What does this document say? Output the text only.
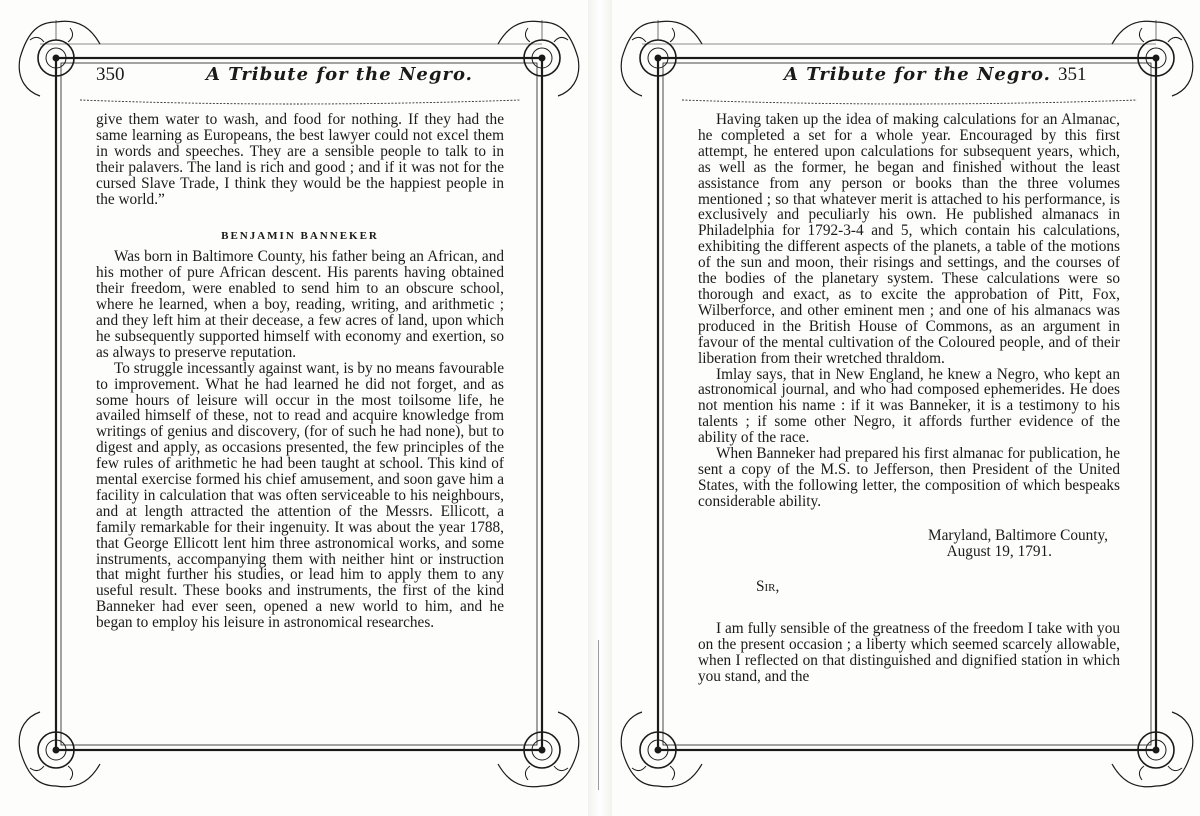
350	A Tribute for the Negro.

give them water to wash, and food for nothing. If they had the same learning as Europeans, the best lawyer could not excel them in words and speeches. They are a sensible people to talk to in their palavers. The land is rich and good ; and if it was not for the cursed Slave Trade, I think they would be the happiest people in the world.”

BENJAMIN BANNEKER

Was born in Baltimore County, his father being an African, and his mother of pure African descent. His parents having obtained their freedom, were enabled to send him to an obscure school, where he learned, when a boy, reading, writing, and arithmetic ; and they left him at their decease, a few acres of land, upon which he subsequently supported himself with economy and exertion, so as always to preserve reputation.

To struggle incessantly against want, is by no means favourable to improvement. What he had learned he did not forget, and as some hours of leisure will occur in the most toilsome life, he availed himself of these, not to read and acquire knowledge from writings of genius and discovery, (for of such he had none), but to digest and apply, as occasions presented, the few principles of the few rules of arithmetic he had been taught at school. This kind of mental exercise formed his chief amusement, and soon gave him a facility in calculation that was often serviceable to his neighbours, and at length attracted the attention of the Messrs. Ellicott, a family remarkable for their ingenuity. It was about the year 1788, that George Ellicott lent him three astronomical works, and some instruments, accompanying them with neither hint or instruction that might further his studies, or lead him to apply them to any useful result. These books and instruments, the first of the kind Banneker had ever seen, opened a new world to him, and he began to employ his leisure in astronomical researches.

A Tribute for the Negro. 351

Having taken up the idea of making calculations for an Almanac, he completed a set for a whole year. Encouraged by this first attempt, he entered upon calculations for subsequent years, which, as well as the former, he began and finished without the least assistance from any person or books than the three volumes mentioned ; so that whatever merit is attached to his performance, is exclusively and peculiarly his own. He published almanacs in Philadelphia for 1792-3-4 and 5, which contain his calculations, exhibiting the different aspects of the planets, a table of the motions of the sun and moon, their risings and settings, and the courses of the bodies of the planetary system. These calculations were so thorough and exact, as to excite the approbation of Pitt, Fox, Wilberforce, and other eminent men ; and one of his almanacs was produced in the British House of Commons, as an argument in favour of the mental cultivation of the Coloured people, and of their liberation from their wretched thraldom.

Imlay says, that in New England, he knew a Negro, who kept an astronomical journal, and who had composed ephemerides. He does not mention his name : if it was Banneker, it is a testimony to his talents ; if some other Negro, it affords further evidence of the ability of the race.

When Banneker had prepared his first almanac for publication, he sent a copy of the M.S. to Jefferson, then President of the United States, with the following letter, the composition of which bespeaks considerable ability.

Maryland, Baltimore County,

August 19, 1791.

Sir,

I am fully sensible of the greatness of the freedom I take with you on the present occasion ; a liberty which seemed scarcely allowable, when I reflected on that distinguished and dignified station in which you stand, and the
